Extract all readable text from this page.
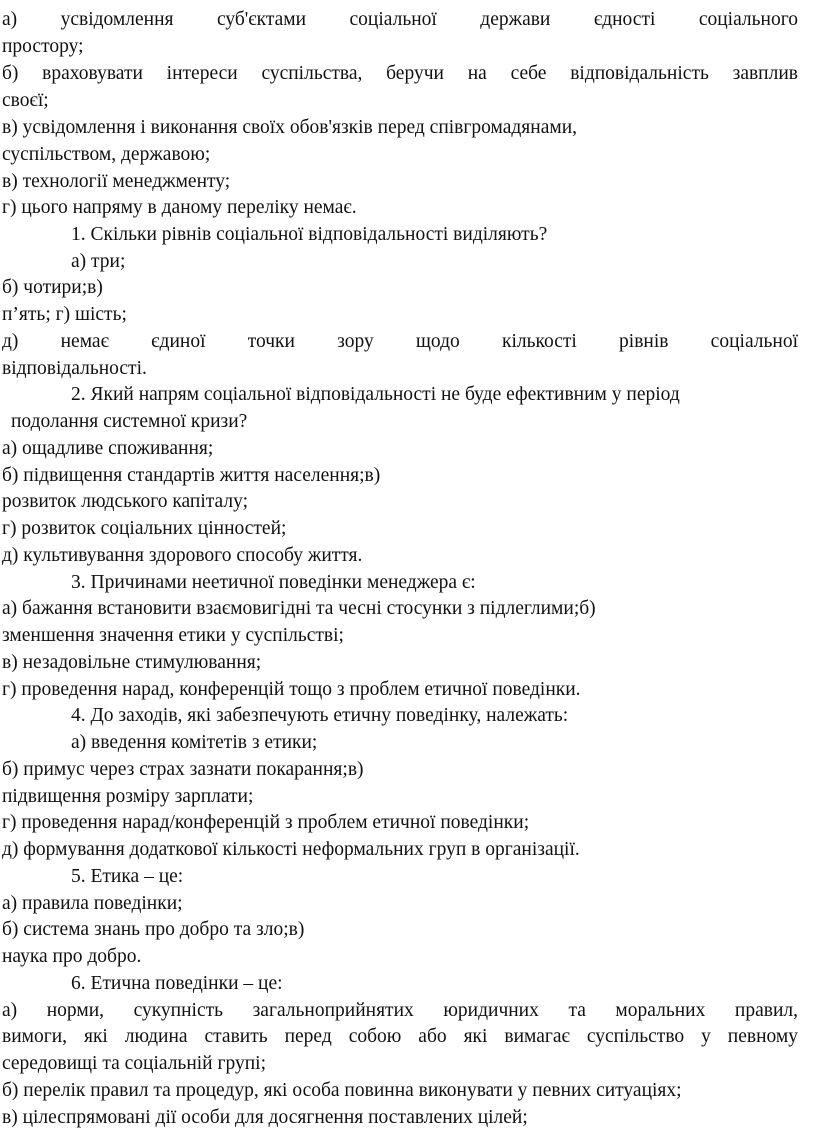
а) усвідомлення суб'єктами соціальної держави єдності соціального
простору;
б) враховувати інтереси суспільства, беручи на себе відповідальність завплив
своєї;
в) усвідомлення і виконання своїх обов'язків перед співгромадянами,
суспільством, державою;
в) технології менеджменту;
г) цього напряму в даному переліку немає.
1. Скільки рівнів соціальної відповідальності виділяють?
а) три;
б) чотири;в)
п’ять; г) шість;
д) немає єдиної точки зору щодо кількості рівнів соціальної
відповідальності.
2. Який напрям соціальної відповідальності не буде ефективним у період
подолання системної кризи?
а) ощадливе споживання;
б) підвищення стандартів життя населення;в)
розвиток людського капіталу;
г) розвиток соціальних цінностей;
д) культивування здорового способу життя.
3. Причинами неетичної поведінки менеджера є:
а) бажання встановити взаємовигідні та чесні стосунки з підлеглими;б)
зменшення значення етики у суспільстві;
в) незадовільне стимулювання;
г) проведення нарад, конференцій тощо з проблем етичної поведінки.
4. До заходів, які забезпечують етичну поведінку, належать:
а) введення комітетів з етики;
б) примус через страх зазнати покарання;в)
підвищення розміру зарплати;
г) проведення нарад/конференцій з проблем етичної поведінки;
д) формування додаткової кількості неформальних груп в організації.
5. Етика – це:
а) правила поведінки;
б) система знань про добро та зло;в)
наука про добро.
6. Етична поведінки – це:
а) норми, сукупність загальноприйнятих юридичних та моральних правил,
вимоги, які людина ставить перед собою або які вимагає суспільство у певному
середовищі та соціальній групі;
б) перелік правил та процедур, які особа повинна виконувати у певних ситуаціях;
в) цілеспрямовані дії особи для досягнення поставлених цілей;
